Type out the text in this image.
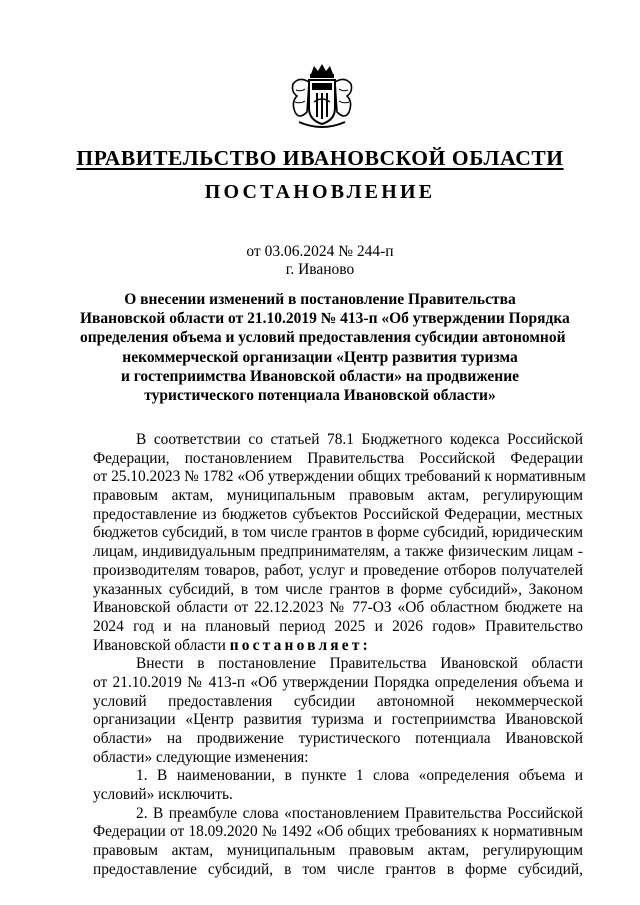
ПРАВИТЕЛЬСТВО ИВАНОВСКОЙ ОБЛАСТИ
ПОСТАНОВЛЕНИЕ
от 03.06.2024 № 244-п
г. Иваново
О внесении изменений в постановление Правительства
Ивановской области от 21.10.2019 № 413-п «Об утверждении Порядка
определения объема и условий предоставления субсидии автономной
некоммерческой организации «Центр развития туризма
и гостеприимства Ивановской области» на продвижение
туристического потенциала Ивановской области»
В соответствии со статьей 78.1 Бюджетного кодекса Российской
Федерации, постановлением Правительства Российской Федерации
от 25.10.2023 № 1782 «Об утверждении общих требований к нормативным
правовым актам, муниципальным правовым актам, регулирующим
предоставление из бюджетов субъектов Российской Федерации, местных
бюджетов субсидий, в том числе грантов в форме субсидий, юридическим
лицам, индивидуальным предпринимателям, а также физическим лицам -
производителям товаров, работ, услуг и проведение отборов получателей
указанных субсидий, в том числе грантов в форме субсидий», Законом
Ивановской области от 22.12.2023 № 77-ОЗ «Об областном бюджете на
2024 год и на плановый период 2025 и 2026 годов» Правительство
Ивановской области постановляет:
Внести в постановление Правительства Ивановской области
от 21.10.2019 № 413-п «Об утверждении Порядка определения объема и
условий предоставления субсидии автономной некоммерческой
организации «Центр развития туризма и гостеприимства Ивановской
области» на продвижение туристического потенциала Ивановской
области» следующие изменения:
1. В наименовании, в пункте 1 слова «определения объема и
условий» исключить.
2. В преамбуле слова «постановлением Правительства Российской
Федерации от 18.09.2020 № 1492 «Об общих требованиях к нормативным
правовым актам, муниципальным правовым актам, регулирующим
предоставление субсидий, в том числе грантов в форме субсидий,
